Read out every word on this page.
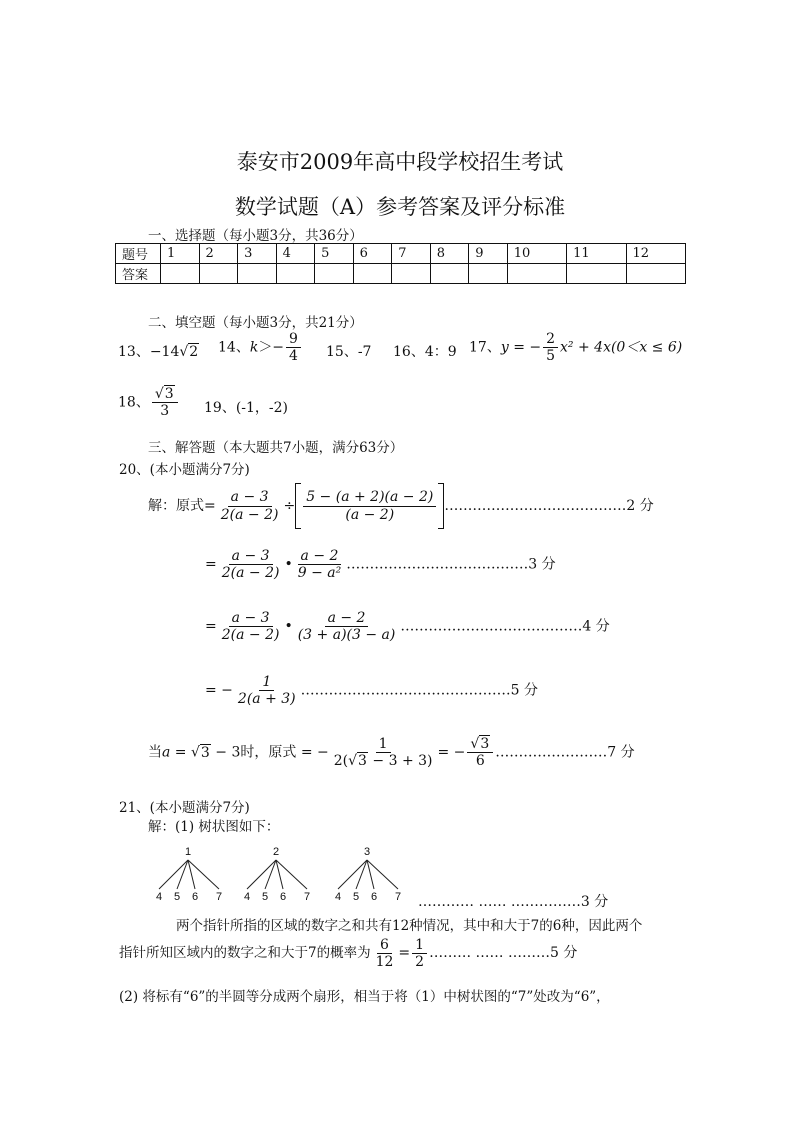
泰安市2009年高中段学校招生考试
数学试题（A）参考答案及评分标准
一、选择题（每小题3分，共36分）
题号	1	2	3	4	5	6	7	8	9	10	11	12
答案												
二、填空题（每小题3分，共21分）
13、−14√2 14、$k>- \frac{9}{4} 15$、-7 16、4：9 17、y = − $\frac{2}{5} x^2 + 4x(0<x \le 6)$
18、 $\frac{√3}{3} 19$、(-1，-2)
三、解答题（本大题共7小题，满分63分）
20、(本小题满分7分)
解：原式= $\frac{a - 3}{2(a - 2)} \div \frac{5 - (a + 2)(a - 2)}{(a - 2)}$ …………………………………2 分
= $\frac{a - 3}{2(a - 2)}$ • $\frac{a - 2}{\text{9 − a²}}$ …………………………………3 分
= $\frac{a - 3}{2(a - 2)}$ • $\frac{a - 2}{(3 + a)(3 - a)}$ …………………………………4 分
= − $\frac{1}{2(a + 3)}$ ………………………………………5 分
当a = √3 − 3时，原式 = − $\frac{1}{2(√3 - 3 + 3)}$ = − $\frac{√3}{6}$ ……………………7 分
21、(本小题满分7分)
解：(1) 树状图如下：
1	2	3
4 5 6 7 4 5 6 7 4 5 6 7 ………… …… ……………3 分
两个指针所指的区域的数字之和共有12种情况，其中和大于7的6种，因此两个
指针所知区域内的数字之和大于7的概率为 $\frac{6}{12} = \frac{1}{2}$ ……… …… ………5 分
(2) 将标有“6”的半圆等分成两个扇形，相当于将（1）中树状图的“7”处改为“6”，
